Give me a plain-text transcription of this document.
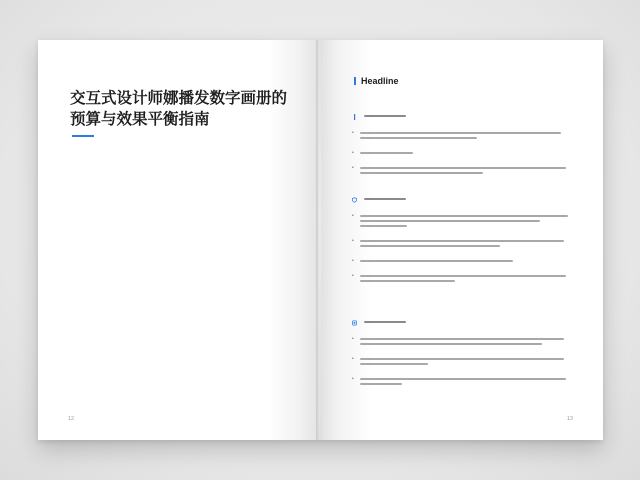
交互式设计师娜播发数字画册的
预算与效果平衡指南
12
Headline
•
•
•
•
•
•
•
•
•
•
13
